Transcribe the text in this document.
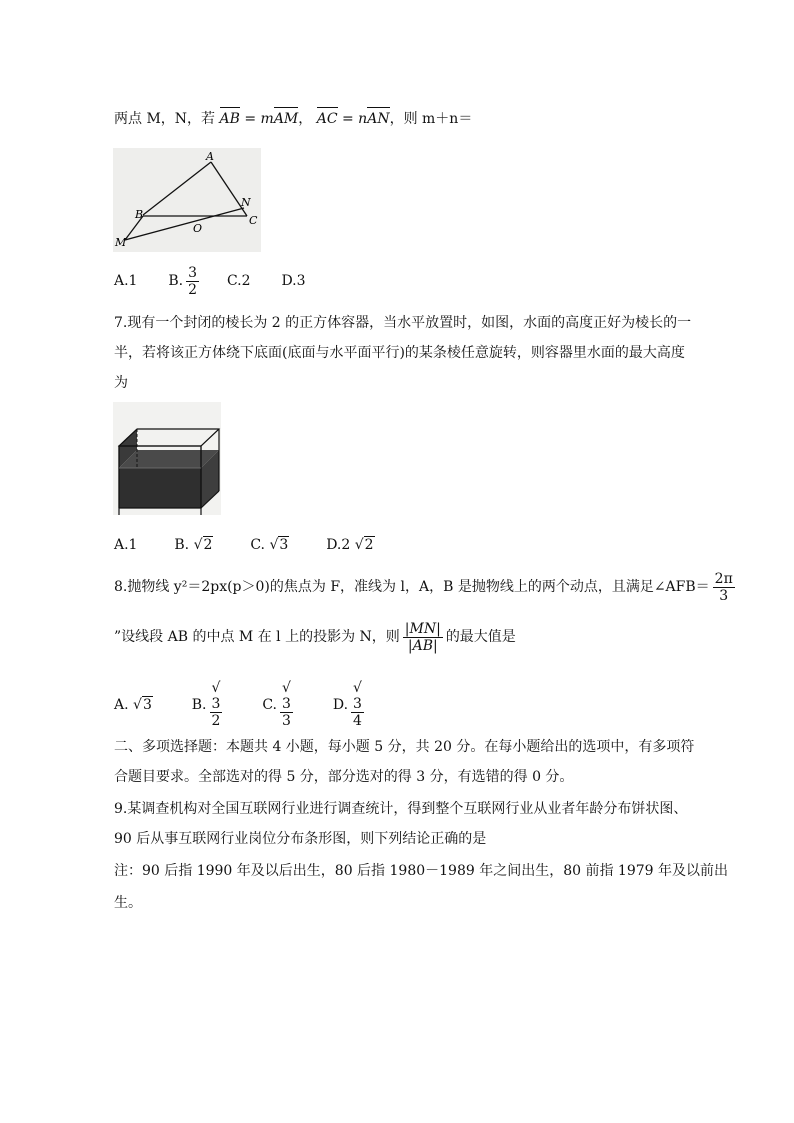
两点 M，N，若 AB = mAM， AC = nAN，则 m＋n＝
A
B	C
N
O
M
A.1 B. $\frac{3}{2} C.2$ D.3
7.现有一个封闭的棱长为 2 的正方体容器，当水平放置时，如图，水面的高度正好为棱长的一
半，若将该正方体绕下底面(底面与水平面平行)的某条棱任意旋转，则容器里水面的最大高度
为
A.1	B. √2	C. √3	D.2 √2
8.抛物线 y²＝2px(p＞0)的焦点为 F，准线为 l，A，B 是抛物线上的两个动点，且满足∠AFB＝ $\frac{2\pi}{3}$
”设线段 AB 的中点 M 在 l 上的投影为 N，则 $\frac{|MN|}{|AB|}$ 的最大值是
A. √3	B. √
3
2	C. √
3
3	D. √
3
4
二、多项选择题：本题共 4 小题，每小题 5 分，共 20 分。在每小题给出的选项中，有多项符
合题目要求。全部选对的得 5 分，部分选对的得 3 分，有选错的得 0 分。
9.某调查机构对全国互联网行业进行调查统计，得到整个互联网行业从业者年龄分布饼状图、
90 后从事互联网行业岗位分布条形图，则下列结论正确的是
注：90 后指 1990 年及以后出生，80 后指 1980－1989 年之间出生，80 前指 1979 年及以前出
生。
